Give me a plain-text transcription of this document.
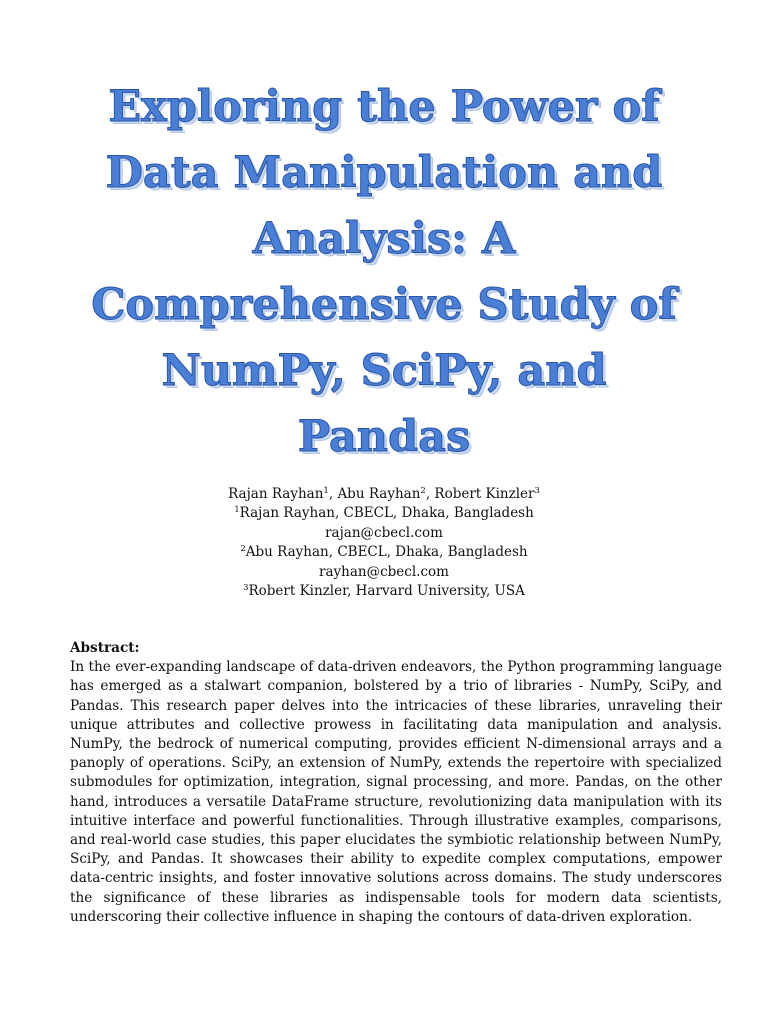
Exploring the Power of
Data Manipulation and
Analysis: A
Comprehensive Study of
NumPy, SciPy, and
Pandas
Rajan Rayhan$^1$, Abu Rayhan$^2$, Robert Kinzler$^3$
$^1$Rajan Rayhan, CBECL, Dhaka, Bangladesh
rajan@cbecl.com
$^2$Abu Rayhan, CBECL, Dhaka, Bangladesh
rayhan@cbecl.com
$^3$Robert Kinzler, Harvard University, USA
Abstract:

In the ever-expanding landscape of data-driven endeavors, the Python programming language has emerged as a stalwart companion, bolstered by a trio of libraries - NumPy, SciPy, and Pandas. This research paper delves into the intricacies of these libraries, unraveling their unique attributes and collective prowess in facilitating data manipulation and analysis. NumPy, the bedrock of numerical computing, provides efficient N-dimensional arrays and a panoply of operations. SciPy, an extension of NumPy, extends the repertoire with specialized submodules for optimization, integration, signal processing, and more. Pandas, on the other hand, introduces a versatile DataFrame structure, revolutionizing data manipulation with its intuitive interface and powerful functionalities. Through illustrative examples, comparisons, and real-world case studies, this paper elucidates the symbiotic relationship between NumPy, SciPy, and Pandas. It showcases their ability to expedite complex computations, empower data-centric insights, and foster innovative solutions across domains. The study underscores the significance of these libraries as indispensable tools for modern data scientists, underscoring their collective influence in shaping the contours of data-driven exploration.
